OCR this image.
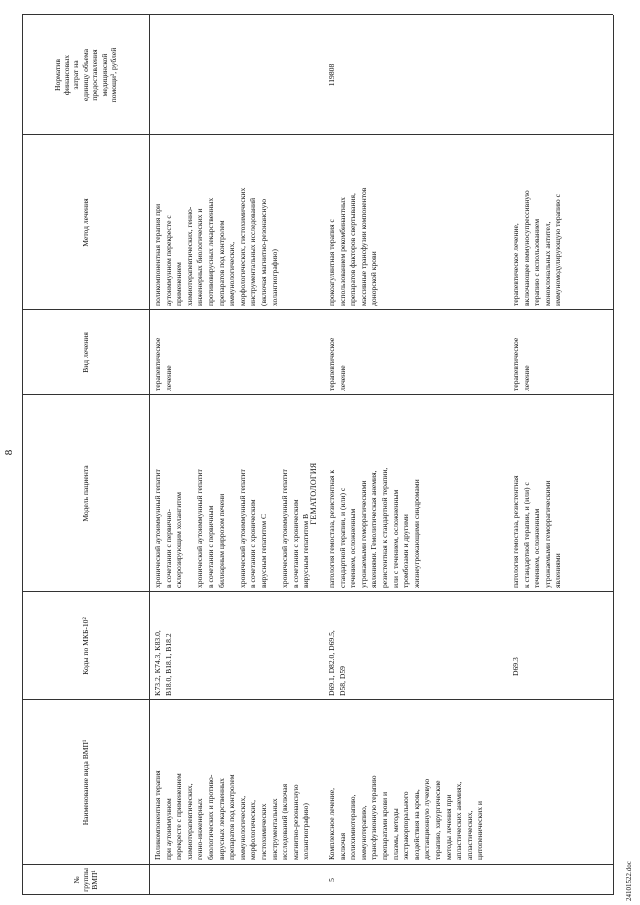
8
№
группы
ВМП¹
Наименование вида ВМП¹
Коды по МКБ-10²
Модель пациента
Вид лечения
Метод лечения
Норматив
финансовых
затрат на
единицу объема
предоставления
медицинской
помощи³, рублей
Поликомпонентная терапия
при аутоиммунном
перекресте с применением
химиотерапевтических,
генно-инженерных
биологических и противо-
вирусных лекарственных
препаратов под контролем
иммунологических,
морфологических,
гистохимических
инструментальных
исследований (включая
магнитно-резонансную
холангиографию)
K73.2, K74.3, K83.0,
B18.0, B18.1, B18.2
хронический аутоиммунный гепатит
в сочетании с первично-
склерозирующим холангитом

хронический аутоиммунный гепатит
в сочетании с первичным
билиарным циррозом печени

хронический аутоиммунный гепатит
в сочетании с хроническим
вирусным гепатитом C

хронический аутоиммунный гепатит
в сочетании с хроническим
вирусным гепатитом B
терапевтическое
лечение
поликомпонентная терапия при
аутоиммунном перекресте с
применением
химиотерапевтических, генно-
инженерных биологических и
противовирусных лекарственных
препаратов под контролем
иммунологических,
морфологических, гистохимических
инструментальных исследований
(включая магнитно-резонансную
холангиографию)
ГЕМАТОЛОГИЯ
5
Комплексное лечение,
включая
полихимиотерапию,
иммунотерапию,
трансфузионную терапию
препаратами крови и
плазмы, методы
экстракорпорального
воздействия на кровь,
дистанционную лучевую
терапию, хирургические
методы лечения при
апластических анемиях,
апластических,
цитопенических и
D69.1, D82.0, D69.5,
D58, D59
патология гемостаза, резистентная к
стандартной терапии, и (или) с
течением, осложненным
угрожаемыми геморрагическими
явлениями. Гемолитическая анемия,
резистентная к стандартной терапии,
или с течением, осложненным
тромбозами и другими
жизнеугрожающими синдромами
терапевтическое
лечение
прокоагулянтная терапия с
использованием рекомбинантных
препаратов факторов свертывания,
массивные трансфузии компонентов
донорской крови
119808
D69.3
патология гемостаза, резистентная
к стандартной терапии, и (или) с
течением, осложненным
угрожаемыми геморрагическими
явлениями
терапевтическое
лечение
терапевтическое лечение,
включающее иммуносупрессивную
терапию с использованием
моноклональных антител,
иммуномодулирующую терапию с
24101522.doc
